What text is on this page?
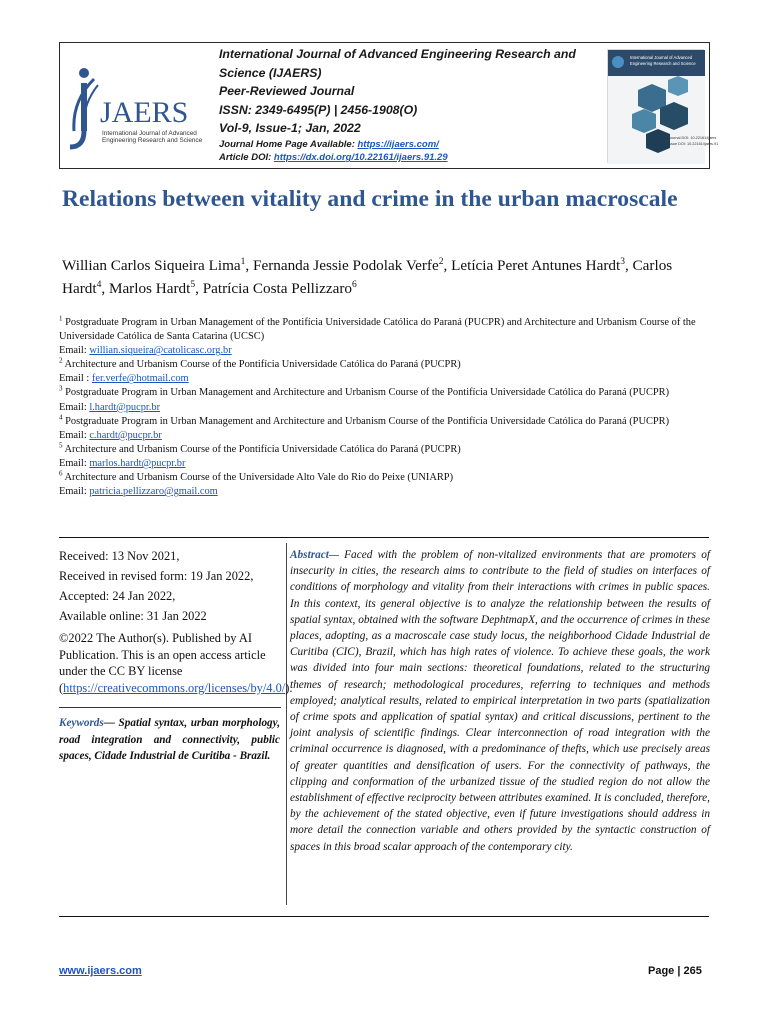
JAERS
International Journal of Advanced
Engineering Research and Science
International Journal of Advanced Engineering Research and
Science (IJAERS)
Peer-Reviewed Journal
ISSN: 2349-6495(P) | 2456-1908(O)
Vol-9, Issue-1; Jan, 2022
Journal Home Page Available: https://ijaers.com/
Article DOI: https://dx.doi.org/10.22161/ijaers.91.29
International Journal of Advanced
Engineering Research and Science
Journal DOI: 10.22161/ijaers
Issue DOI: 10.22161/ijaers.91
Relations between vitality and crime in the urban macroscale
Willian Carlos Siqueira Lima$^1$, Fernanda Jessie Podolak Verfe$^2$, Letícia Peret Antunes Hardt$^3$, Carlos Hardt$^4$, Marlos Hardt$^5$, Patrícia Costa Pellizzaro$^6$
$^1$ Postgraduate Program in Urban Management of the Pontifícia Universidade Católica do Paraná (PUCPR) and Architecture and Urbanism Course of the Universidade Católica de Santa Catarina (UCSC)
Email: willian.siqueira@catolicasc.org.br
$^2$ Architecture and Urbanism Course of the Pontifícia Universidade Católica do Paraná (PUCPR)
Email : fer.verfe@hotmail.com
$^3$ Postgraduate Program in Urban Management and Architecture and Urbanism Course of the Pontifícia Universidade Católica do Paraná (PUCPR)
Email: l.hardt@pucpr.br
$^4$ Postgraduate Program in Urban Management and Architecture and Urbanism Course of the Pontifícia Universidade Católica do Paraná (PUCPR)
Email: c.hardt@pucpr.br
$^5$ Architecture and Urbanism Course of the Pontifícia Universidade Católica do Paraná (PUCPR)
Email: marlos.hardt@pucpr.br
$^6$ Architecture and Urbanism Course of the Universidade Alto Vale do Rio do Peixe (UNIARP)
Email: patricia.pellizzaro@gmail.com

Received: 13 Nov 2021,

Received in revised form: 19 Jan 2022,

Accepted: 24 Jan 2022,

Available online: 31 Jan 2022

©2022 The Author(s). Published by AI Publication. This is an open access article under the CC BY license (https://creativecommons.org/licenses/by/4.0/).

Keywords— Spatial syntax, urban morphology, road integration and connectivity, public spaces, Cidade Industrial de Curitiba - Brazil.
Abstract— Faced with the problem of non-vitalized environments that are promoters of insecurity in cities, the research aims to contribute to the field of studies on interfaces of conditions of morphology and vitality from their interactions with crimes in public spaces. In this context, its general objective is to analyze the relationship between the results of spatial syntax, obtained with the software DephtmapX, and the occurrence of crimes in these places, adopting, as a macroscale case study locus, the neighborhood Cidade Industrial de Curitiba (CIC), Brazil, which has high rates of violence. To achieve these goals, the work was divided into four main sections: theoretical foundations, related to the structuring themes of research; methodological procedures, referring to techniques and methods employed; analytical results, related to empirical interpretation in two parts (spatialization of crime spots and application of spatial syntax) and critical discussions, pertinent to the joint analysis of scientific findings. Clear interconnection of road integration with the criminal occurrence is diagnosed, with a predominance of thefts, which use precisely areas of greater quantities and densification of users. For the connectivity of pathways, the clipping and conformation of the urbanized tissue of the studied region do not allow the establishment of effective reciprocity between attributes examined. It is concluded, therefore, by the achievement of the stated objective, even if future investigations should address in more detail the connection variable and others provided by the syntactic construction of spaces in this broad scalar approach of the contemporary city.
www.ijaers.com	Page | 265
